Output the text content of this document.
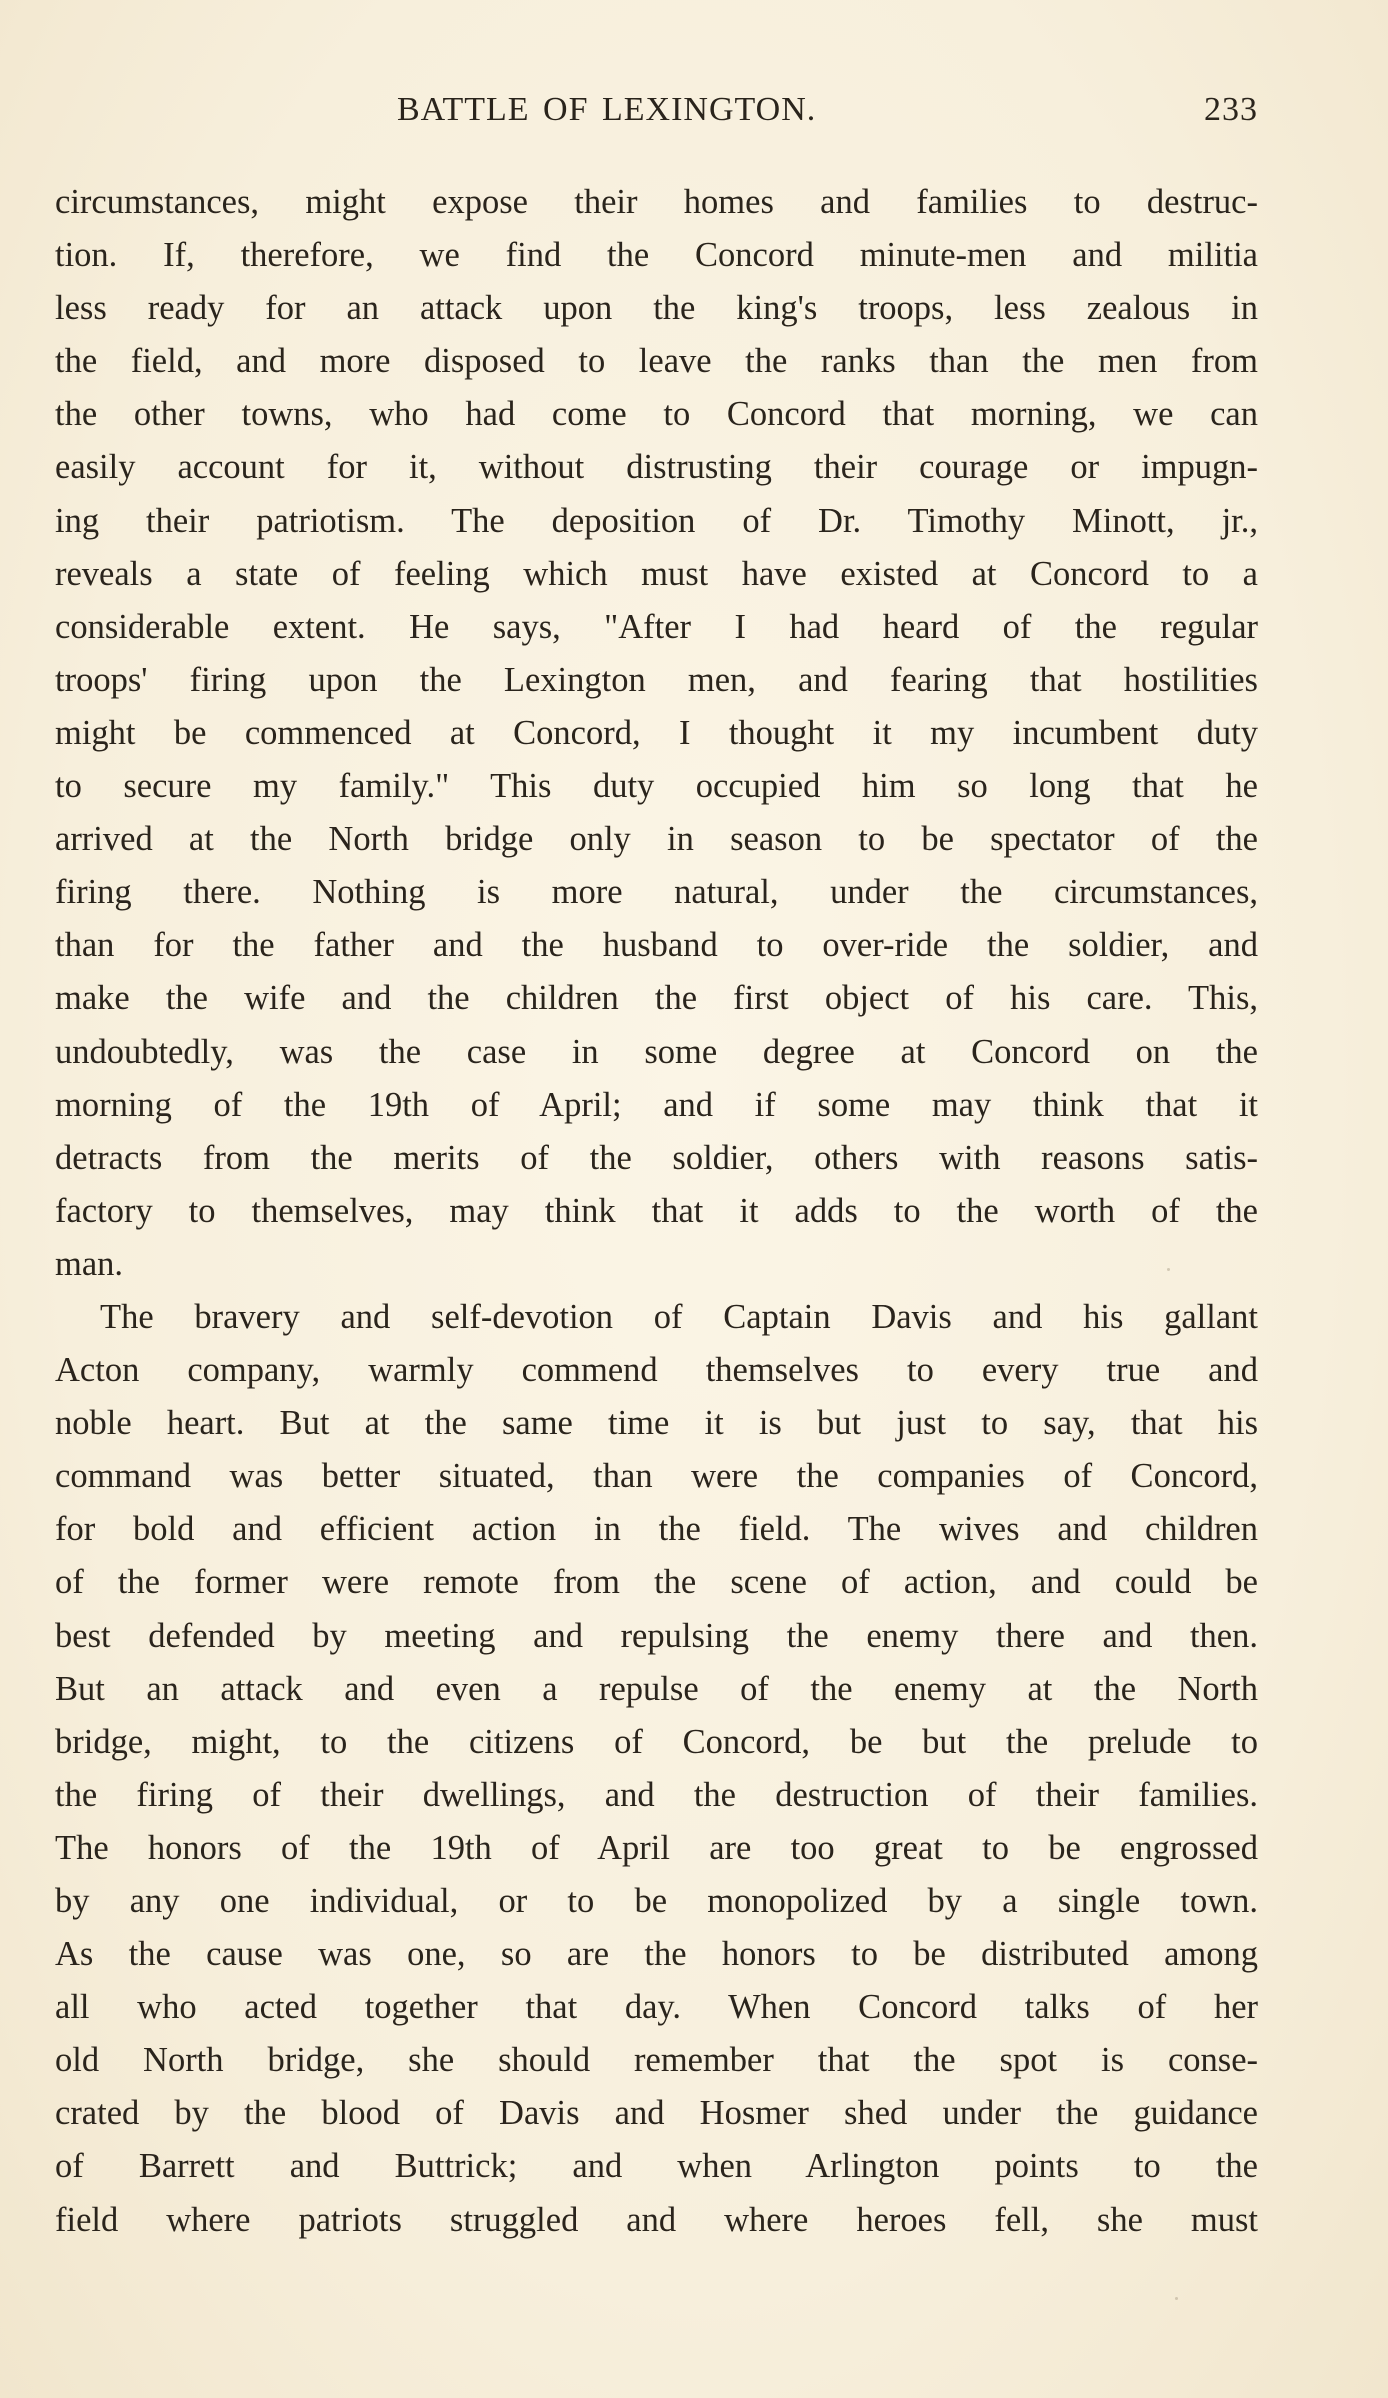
BATTLE OF LEXINGTON.	233
circumstances, might expose their homes and families to destruc-
tion. If, therefore, we find the Concord minute-men and militia
less ready for an attack upon the king's troops, less zealous in
the field, and more disposed to leave the ranks than the men from
the other towns, who had come to Concord that morning, we can
easily account for it, without distrusting their courage or impugn-
ing their patriotism. The deposition of Dr. Timothy Minott, jr.,
reveals a state of feeling which must have existed at Concord to a
considerable extent. He says, "After I had heard of the regular
troops' firing upon the Lexington men, and fearing that hostilities
might be commenced at Concord, I thought it my incumbent duty
to secure my family." This duty occupied him so long that he
arrived at the North bridge only in season to be spectator of the
firing there. Nothing is more natural, under the circumstances,
than for the father and the husband to over-ride the soldier, and
make the wife and the children the first object of his care. This,
undoubtedly, was the case in some degree at Concord on the
morning of the 19th of April; and if some may think that it
detracts from the merits of the soldier, others with reasons satis-
factory to themselves, may think that it adds to the worth of the
man.
The bravery and self-devotion of Captain Davis and his gallant
Acton company, warmly commend themselves to every true and
noble heart. But at the same time it is but just to say, that his
command was better situated, than were the companies of Concord,
for bold and efficient action in the field. The wives and children
of the former were remote from the scene of action, and could be
best defended by meeting and repulsing the enemy there and then.
But an attack and even a repulse of the enemy at the North
bridge, might, to the citizens of Concord, be but the prelude to
the firing of their dwellings, and the destruction of their families.
The honors of the 19th of April are too great to be engrossed
by any one individual, or to be monopolized by a single town.
As the cause was one, so are the honors to be distributed among
all who acted together that day. When Concord talks of her
old North bridge, she should remember that the spot is conse-
crated by the blood of Davis and Hosmer shed under the guidance
of Barrett and Buttrick; and when Arlington points to the
field where patriots struggled and where heroes fell, she must
